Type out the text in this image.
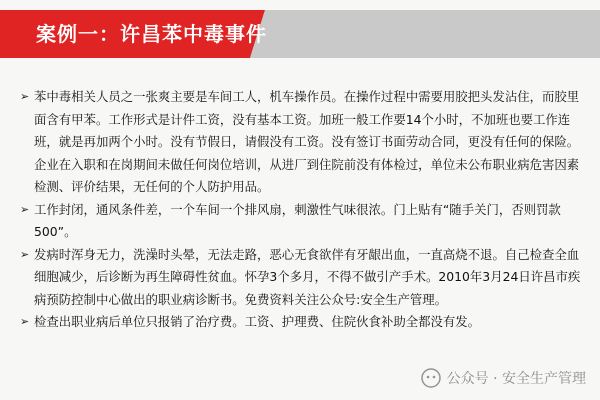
案例一：许昌苯中毒事件

➢ 苯中毒相关人员之一张爽主要是车间工人，机车操作员。在操作过程中需要用胶把头发沾住，而胶里面含有甲苯。工作形式是计件工资，没有基本工资。加班一般工作要14个小时，不加班也要工作连班，就是再加两个小时。没有节假日，请假没有工资。没有签订书面劳动合同，更没有任何的保险。企业在入职和在岗期间未做任何岗位培训，从进厂到住院前没有体检过，单位未公布职业病危害因素检测、评价结果，无任何的个人防护用品。

➢ 工作封闭，通风条件差，一个车间一个排风扇，刺激性气味很浓。门上贴有“随手关门，否则罚款500”。

➢ 发病时浑身无力，洗澡时头晕，无法走路，恶心无食欲伴有牙龈出血，一直高烧不退。自己检查全血细胞减少，后诊断为再生障碍性贫血。怀孕3个多月，不得不做引产手术。2010年3月24日许昌市疾病预防控制中心做出的职业病诊断书。免费资料关注公众号:安全生产管理。

➢ 检查出职业病后单位只报销了治疗费。工资、护理费、住院伙食补助全都没有发。

公众号 · 安全生产管理
